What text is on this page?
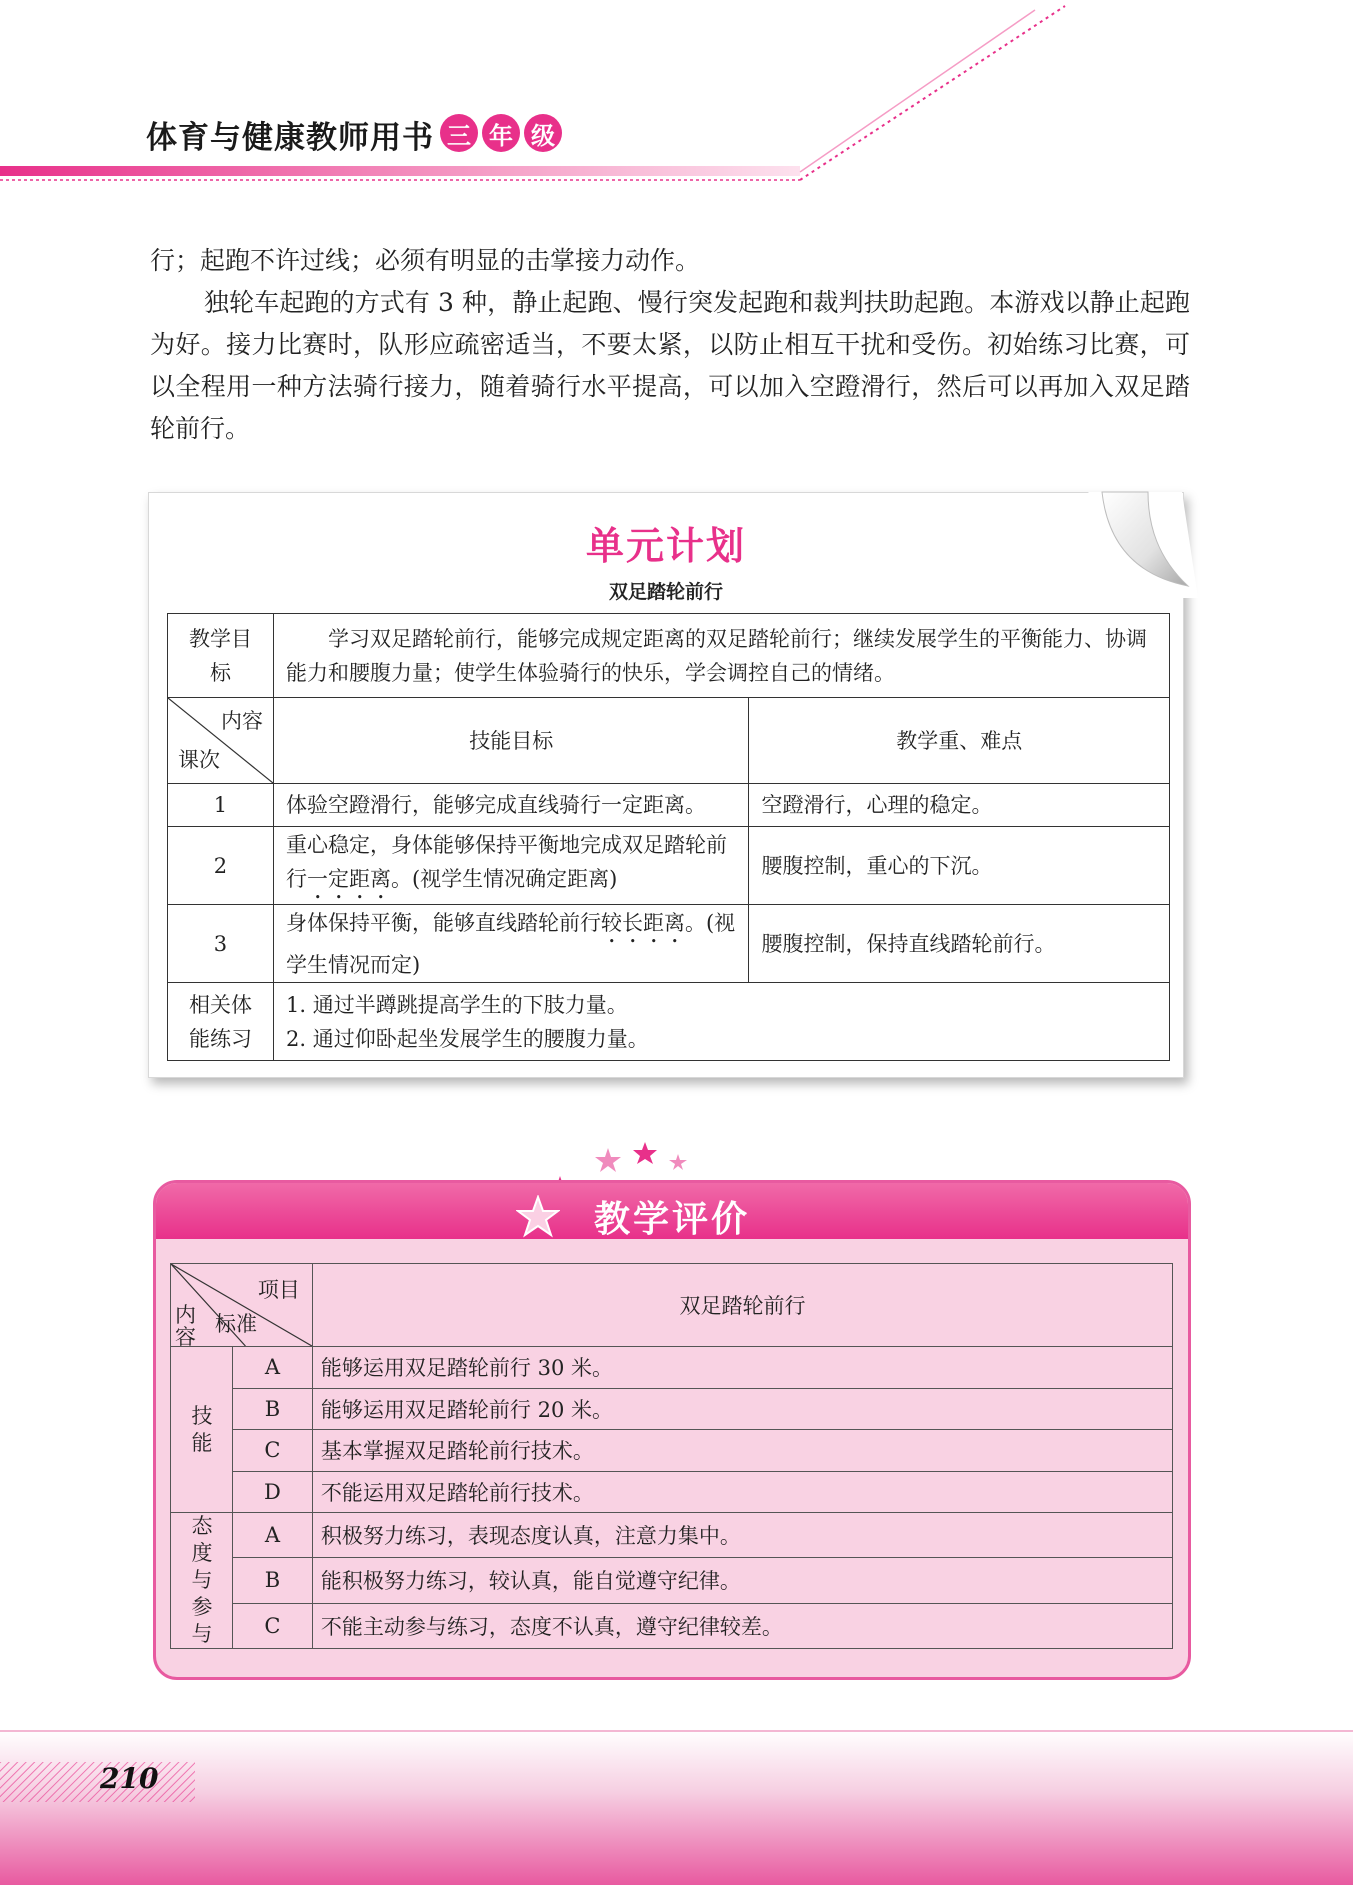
体育与健康教师用书 三 年 级

行；起跑不许过线；必须有明显的击掌接力动作。

独轮车起跑的方式有 3 种，静止起跑、慢行突发起跑和裁判扶助起跑。本游戏以静止起跑为好。接力比赛时，队形应疏密适当，不要太紧，以防止相互干扰和受伤。初始练习比赛，可以全程用一种方法骑行接力，随着骑行水平提高，可以加入空蹬滑行，然后可以再加入双足踏轮前行。

单元计划
双足踏轮前行
教学目标	学习双足踏轮前行，能够完成规定距离的双足踏轮前行；继续发展学生的平衡能力、协调能力和腰腹力量；使学生体验骑行的快乐，学会调控自己的情绪。	

内容
课次	技能目标	教学重、难点
1	体验空蹬滑行，能够完成直线骑行一定距离。	空蹬滑行，心理的稳定。
2	重心稳定，身体能够保持平衡地完成双足踏轮前行一定距离。(视学生情况确定距离)	腰腹控制，重心的下沉。
3	身体保持平衡，能够直线踏轮前行较长距离。(视学生情况而定)	腰腹控制，保持直线踏轮前行。

相关体能练习	1. 通过半蹲跳提高学生的下肢力量。
2. 通过仰卧起坐发展学生的腰腹力量。	
教学评价
项目
标准
内容		双足踏轮前行

技能	A	能够运用双足踏轮前行 30 米。
	B	能够运用双足踏轮前行 20 米。
	C	基本掌握双足踏轮前行技术。
	D	不能运用双足踏轮前行技术。

态度与参与	A	积极努力练习，表现态度认真，注意力集中。
	B	能积极努力练习，较认真，能自觉遵守纪律。
	C	不能主动参与练习，态度不认真，遵守纪律较差。
210
